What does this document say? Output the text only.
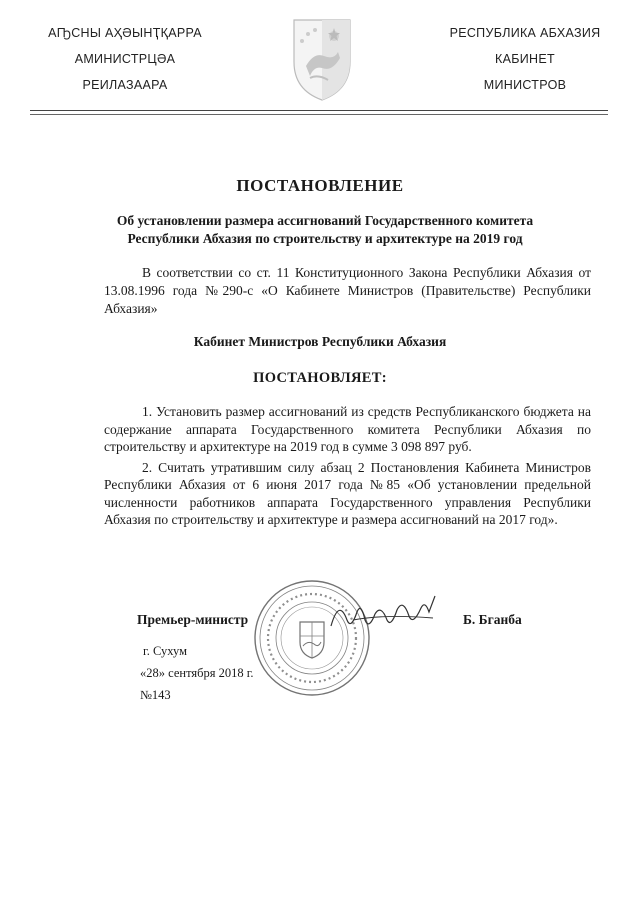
АҦСНЫ АҲӘЫНҬҚАРРА
АМИНИСТРЦӘА
РЕИЛАЗААРА
РЕСПУБЛИКА АБХАЗИЯ
КАБИНЕТ
МИНИСТРОВ
ПОСТАНОВЛЕНИЕ
Об установлении размера ассигнований Государственного комитета
Республики Абхазия по строительству и архитектуре на 2019 год
В соответствии со ст. 11 Конституционного Закона Республики Абхазия от 13.08.1996 года №290-с «О Кабинете Министров (Правительстве) Республики Абхазия»
Кабинет Министров Республики Абхазия
ПОСТАНОВЛЯЕТ:

1. Установить размер ассигнований из средств Республиканского бюджета на содержание аппарата Государственного комитета Республики Абхазия по строительству и архитектуре на 2019 год в сумме 3 098 897 руб.

2. Считать утратившим силу абзац 2 Постановления Кабинета Министров Республики Абхазия от 6 июня 2017 года №85 «Об установлении предельной численности работников аппарата Государственного управления Республики Абхазия по строительству и архитектуре и размера ассигнований на 2017 год».

Премьер-министр	Б. Бганба
г. Сухум
«28» сентября 2018 г.
№143
